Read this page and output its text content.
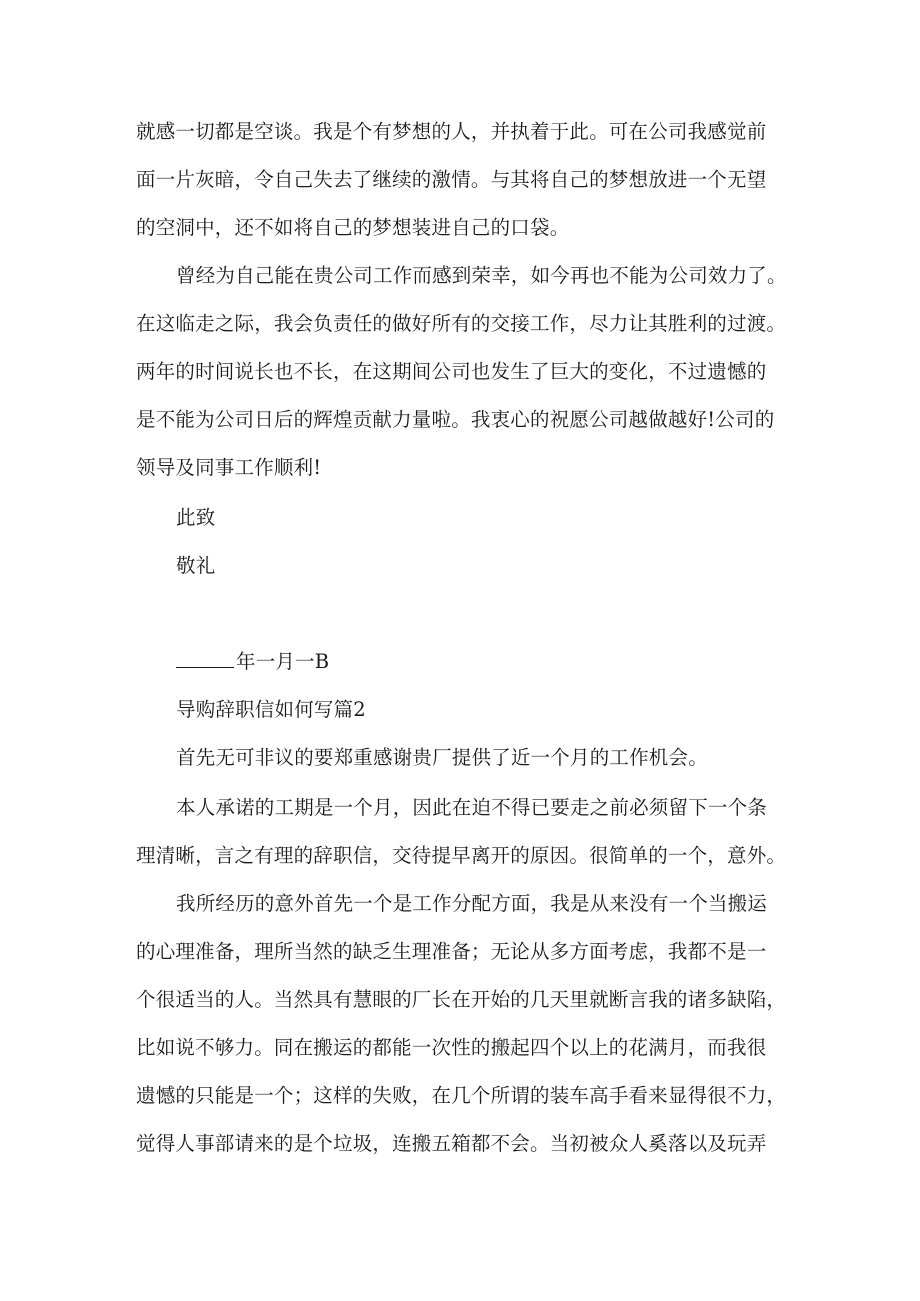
就感一切都是空谈。我是个有梦想的人，并执着于此。可在公司我感觉前
面一片灰暗，令自己失去了继续的激情。与其将自己的梦想放进一个无望
的空洞中，还不如将自己的梦想装进自己的口袋。
曾经为自己能在贵公司工作而感到荣幸，如今再也不能为公司效力了。
在这临走之际，我会负责任的做好所有的交接工作，尽力让其胜利的过渡。
两年的时间说长也不长，在这期间公司也发生了巨大的变化，不过遗憾的
是不能为公司日后的辉煌贡献力量啦。我衷心的祝愿公司越做越好!公司的
领导及同事工作顺利!
此致
敬礼
年一月一B
导购辞职信如何写篇2
首先无可非议的要郑重感谢贵厂提供了近一个月的工作机会。
本人承诺的工期是一个月，因此在迫不得已要走之前必须留下一个条
理清晰，言之有理的辞职信，交待提早离开的原因。很简单的一个，意外。
我所经历的意外首先一个是工作分配方面，我是从来没有一个当搬运
的心理准备，理所当然的缺乏生理准备；无论从多方面考虑，我都不是一
个很适当的人。当然具有慧眼的厂长在开始的几天里就断言我的诸多缺陷，
比如说不够力。同在搬运的都能一次性的搬起四个以上的花满月，而我很
遗憾的只能是一个；这样的失败，在几个所谓的装车高手看来显得很不力，
觉得人事部请来的是个垃圾，连搬五箱都不会。当初被众人奚落以及玩弄
